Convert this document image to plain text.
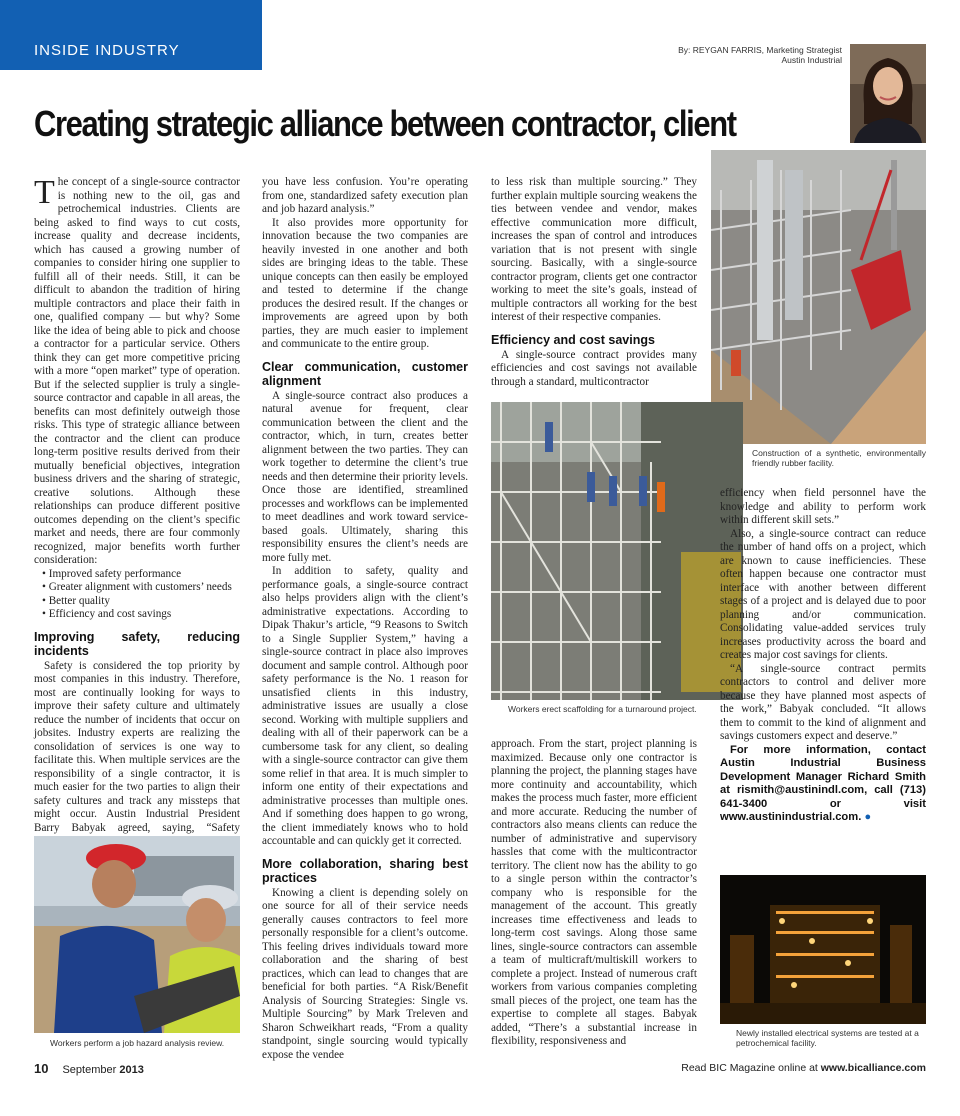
INSIDE INDUSTRY	By: REYGAN FARRIS, Marketing Strategist
Austin Industrial
Creating strategic alliance between contractor, client

The concept of a single-source contractor is nothing new to the oil, gas and petrochemical industries. Clients are being asked to find ways to cut costs, increase quality and decrease incidents, which has caused a growing number of companies to consider hiring one supplier to fulfill all of their needs. Still, it can be difficult to abandon the tradition of hiring multiple contractors and place their faith in one, qualified company — but why? Some like the idea of being able to pick and choose a contractor for a particular service. Others think they can get more competitive pricing with a more “open market” type of operation. But if the selected supplier is truly a single-source contractor and capable in all areas, the benefits can most definitely outweigh those risks. This type of strategic alliance between the contractor and the client can produce long-term positive results derived from their mutually beneficial objectives, integration business drivers and the sharing of strategic, creative solutions. Although these relationships can produce different positive outcomes depending on the client’s specific market and needs, there are four commonly recognized, major benefits worth further consideration:

• Improved safety performance
• Greater alignment with customers’ needs
• Better quality
• Efficiency and cost savings
Improving safety, reducing incidents

Safety is considered the top priority by most companies in this industry. Therefore, most are continually looking for ways to improve their safety culture and ultimately reduce the number of incidents that occur on jobsites. Industry experts are realizing the consolidation of services is one way to facilitate this. When multiple services are the responsibility of a single contractor, it is much easier for the two parties to align their safety cultures and track any missteps that might occur. Austin Industrial President Barry Babyak agreed, saying, “Safety

Workers perform a job hazard analysis review.

you have less confusion. You’re operating from one, standardized safety execution plan and job hazard analysis.”

It also provides more opportunity for innovation because the two companies are heavily invested in one another and both sides are bringing ideas to the table. These unique concepts can then easily be employed and tested to determine if the change produces the desired result. If the changes or improvements are agreed upon by both parties, they are much easier to implement and communicate to the entire group.

Clear communication, customer alignment

A single-source contract also produces a natural avenue for frequent, clear communication between the client and the contractor, which, in turn, creates better alignment between the two parties. They can work together to determine the client’s true needs and then determine their priority levels. Once those are identified, streamlined processes and workflows can be implemented to meet deadlines and work toward service-based goals. Ultimately, sharing this responsibility ensures the client’s needs are more fully met.

In addition to safety, quality and performance goals, a single-source contract also helps providers align with the client’s administrative expectations. According to Dipak Thakur’s article, “9 Reasons to Switch to a Single Supplier System,” having a single-source contract in place also improves document and sample control. Although poor safety performance is the No. 1 reason for unsatisfied clients in this industry, administrative issues are usually a close second. Working with multiple suppliers and dealing with all of their paperwork can be a cumbersome task for any client, so dealing with a single-source contractor can give them some relief in that area. It is much simpler to inform one entity of their expectations and administrative processes than multiple ones. And if something does happen to go wrong, the client immediately knows who to hold accountable and can quickly get it corrected.

More collaboration, sharing best practices

Knowing a client is depending solely on one source for all of their service needs generally causes contractors to feel more personally responsible for a client’s outcome. This feeling drives individuals toward more collaboration and the sharing of best practices, which can lead to changes that are beneficial for both parties. “A Risk/Benefit Analysis of Sourcing Strategies: Single vs. Multiple Sourcing” by Mark Treleven and Sharon Schweikhart reads, “From a quality standpoint, single sourcing would typically expose the vendee

to less risk than multiple sourcing.” They further explain multiple sourcing weakens the ties between vendee and vendor, makes effective communication more difficult, increases the span of control and introduces variation that is not present with single sourcing. Basically, with a single-source contractor program, clients get one contractor working to meet the site’s goals, instead of multiple contractors all working for the best interest of their respective companies.

Efficiency and cost savings

A single-source contract provides many efficiencies and cost savings not available through a standard, multicontractor

Construction of a synthetic, environmentally friendly rubber facility.
Workers erect scaffolding for a turnaround project.

approach. From the start, project planning is maximized. Because only one contractor is planning the project, the planning stages have more continuity and accountability, which makes the process much faster, more efficient and more accurate. Reducing the number of contractors also means clients can reduce the number of administrative and supervisory hassles that come with the multicontractor territory. The client now has the ability to go to a single person within the contractor’s company who is responsible for the management of the account. This greatly increases time effectiveness and leads to long-term cost savings. Along those same lines, single-source contractors can assemble a team of multicraft/multiskill workers to complete a project. Instead of numerous craft workers from various companies completing small pieces of the project, one team has the expertise to complete all stages. Babyak added, “There’s a substantial increase in flexibility, responsiveness and

efficiency when field personnel have the knowledge and ability to perform work within different skill sets.”

Also, a single-source contract can reduce the number of hand offs on a project, which are known to cause inefficiencies. These often happen because one contractor must interface with another between different stages of a project and is delayed due to poor planning and/or communication. Consolidating value-added services truly increases productivity across the board and creates major cost savings for clients.

“A single-source contract permits contractors to control and deliver more because they have planned most aspects of the work,” Babyak concluded. “It allows them to commit to the kind of alignment and savings customers expect and deserve.”

For more information, contact Austin Industrial Business Development Manager Richard Smith at rismith@austinindl.com, call (713) 641-3400 or visit www.austinindustrial.com. ●
Newly installed electrical systems are tested at a petrochemical facility.
10 September 2013	Read BIC Magazine online at www.bicalliance.com
